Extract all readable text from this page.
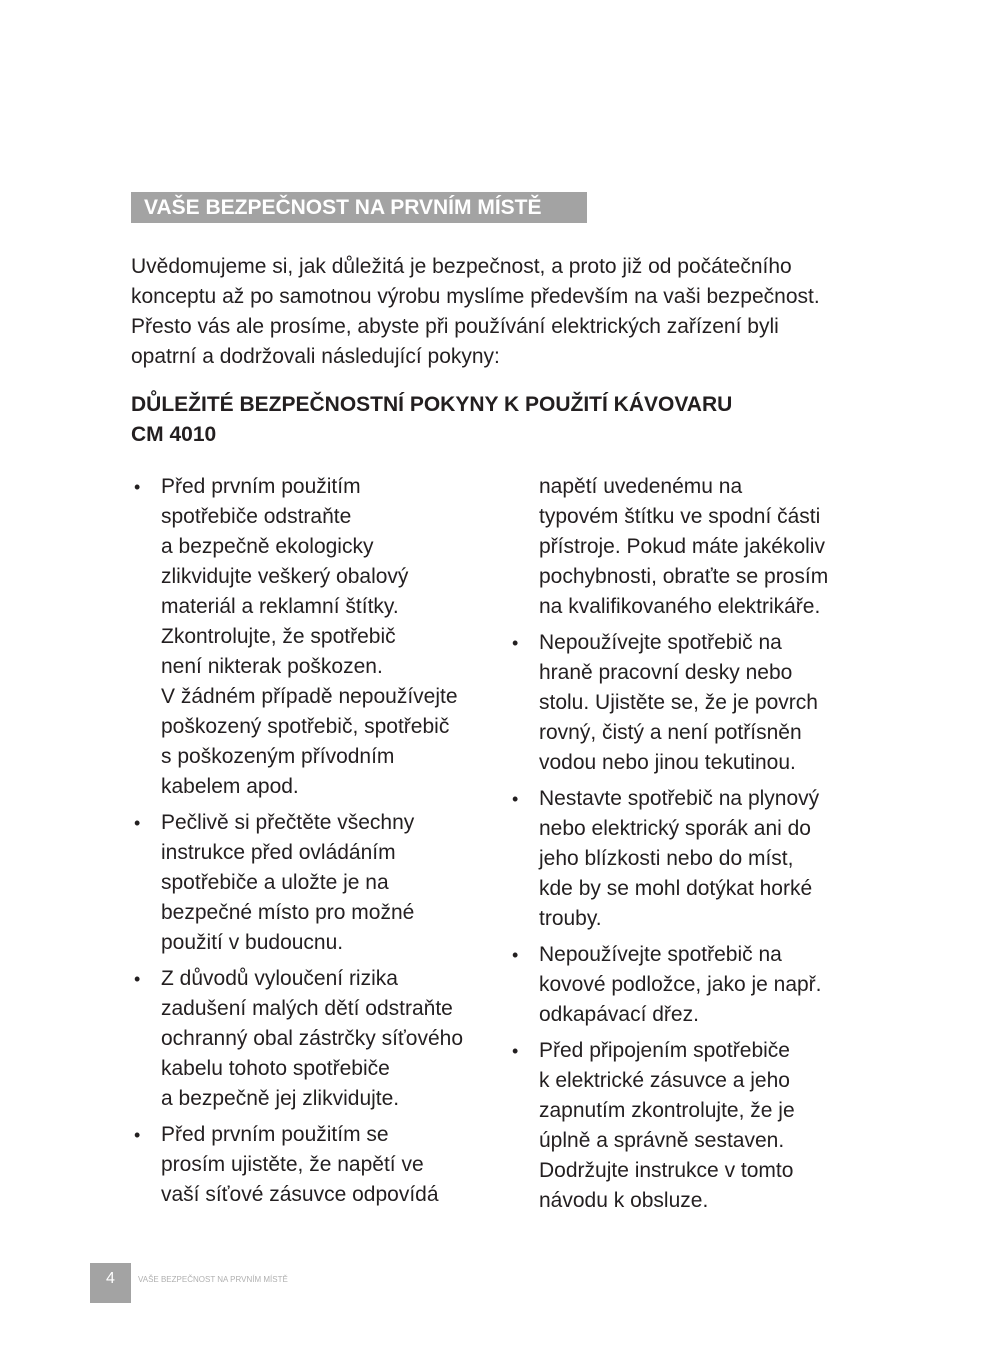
VAŠE BEZPEČNOST NA PRVNÍM MÍSTĚ
Uvědomujeme si, jak důležitá je bezpečnost, a proto již od počátečního
konceptu až po samotnou výrobu myslíme především na vaši bezpečnost.
Přesto vás ale prosíme, abyste při používání elektrických zařízení byli
opatrní a dodržovali následující pokyny:
DŮLEŽITÉ BEZPEČNOSTNÍ POKYNY K POUŽITÍ KÁVOVARU
CM 4010
• Před prvním použitím
spotřebiče odstraňte
a bezpečně ekologicky
zlikvidujte veškerý obalový
materiál a reklamní štítky.
Zkontrolujte, že spotřebič
není nikterak poškozen.
V žádném případě nepoužívejte
poškozený spotřebič, spotřebič
s poškozeným přívodním
kabelem apod.
• Pečlivě si přečtěte všechny
instrukce před ovládáním
spotřebiče a uložte je na
bezpečné místo pro možné
použití v budoucnu.
• Z důvodů vyloučení rizika
zadušení malých dětí odstraňte
ochranný obal zástrčky síťového
kabelu tohoto spotřebiče
a bezpečně jej zlikvidujte.
• Před prvním použitím se
prosím ujistěte, že napětí ve
vaší síťové zásuvce odpovídá
napětí uvedenému na
typovém štítku ve spodní části
přístroje. Pokud máte jakékoliv
pochybnosti, obraťte se prosím
na kvalifikovaného elektrikáře.
• Nepoužívejte spotřebič na
hraně pracovní desky nebo
stolu. Ujistěte se, že je povrch
rovný, čistý a není potřísněn
vodou nebo jinou tekutinou.
• Nestavte spotřebič na plynový
nebo elektrický sporák ani do
jeho blízkosti nebo do míst,
kde by se mohl dotýkat horké
trouby.
• Nepoužívejte spotřebič na
kovové podložce, jako je např.
odkapávací dřez.
• Před připojením spotřebiče
k elektrické zásuvce a jeho
zapnutím zkontrolujte, že je
úplně a správně sestaven.
Dodržujte instrukce v tomto
návodu k obsluze.
4	VAŠE BEZPEČNOST NA PRVNÍM MÍSTĚ
